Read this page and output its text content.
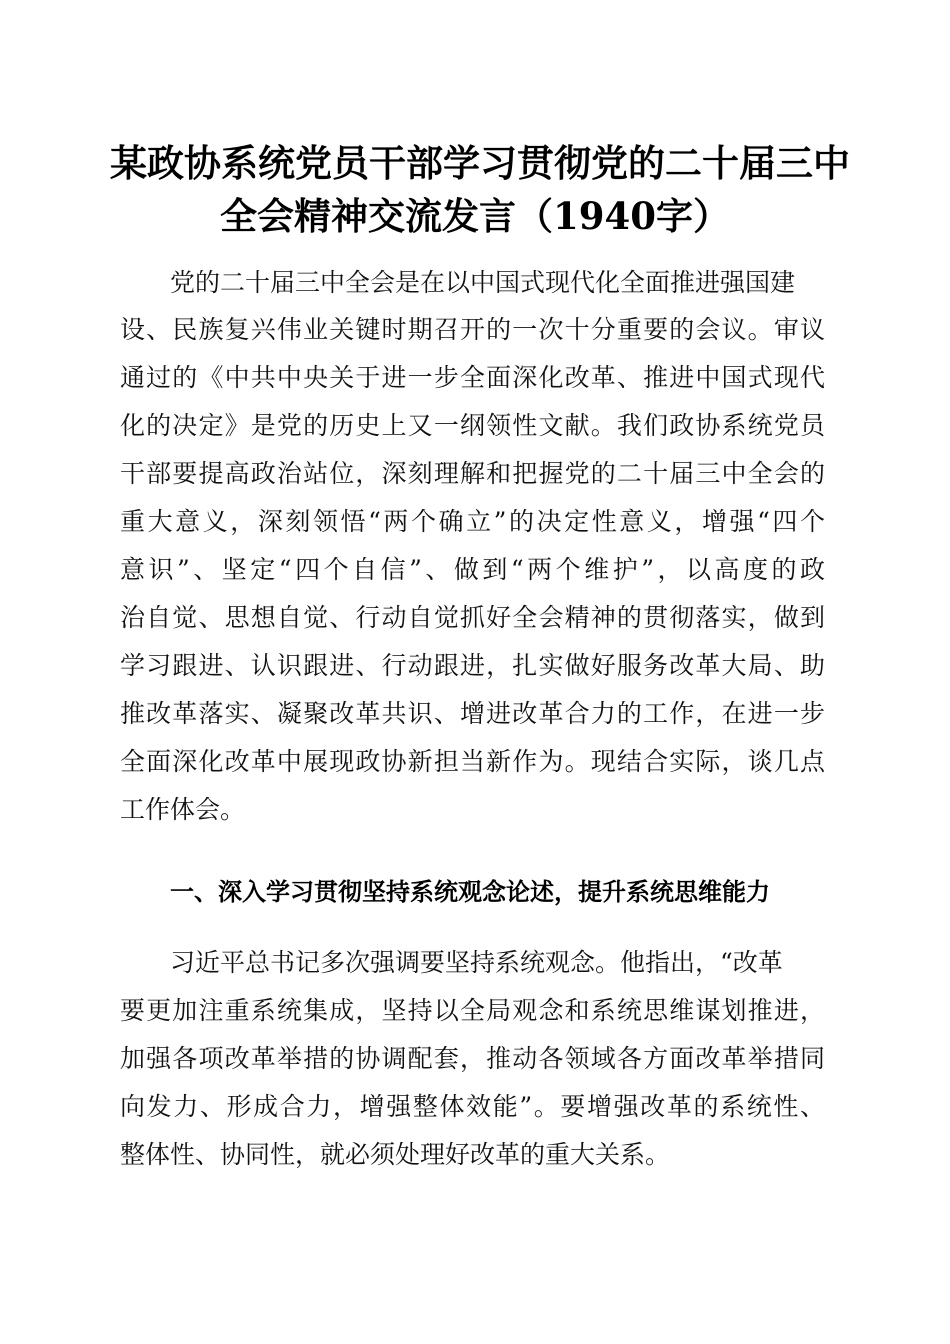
某政协系统党员干部学习贯彻党的二十届三中
全会精神交流发言（1940字）
党的二十届三中全会是在以中国式现代化全面推进强国建
设、民族复兴伟业关键时期召开的一次十分重要的会议。审议
通过的《中共中央关于进一步全面深化改革、推进中国式现代
化的决定》是党的历史上又一纲领性文献。我们政协系统党员
干部要提高政治站位，深刻理解和把握党的二十届三中全会的
重大意义，深刻领悟“两个确立”的决定性意义，增强“四个
意识”、坚定“四个自信”、做到“两个维护”，以高度的政
治自觉、思想自觉、行动自觉抓好全会精神的贯彻落实，做到
学习跟进、认识跟进、行动跟进，扎实做好服务改革大局、助
推改革落实、凝聚改革共识、增进改革合力的工作，在进一步
全面深化改革中展现政协新担当新作为。现结合实际，谈几点
工作体会。
一、深入学习贯彻坚持系统观念论述，提升系统思维能力
习近平总书记多次强调要坚持系统观念。他指出，“改革
要更加注重系统集成，坚持以全局观念和系统思维谋划推进，
加强各项改革举措的协调配套，推动各领域各方面改革举措同
向发力、形成合力，增强整体效能”。要增强改革的系统性、
整体性、协同性，就必须处理好改革的重大关系。
